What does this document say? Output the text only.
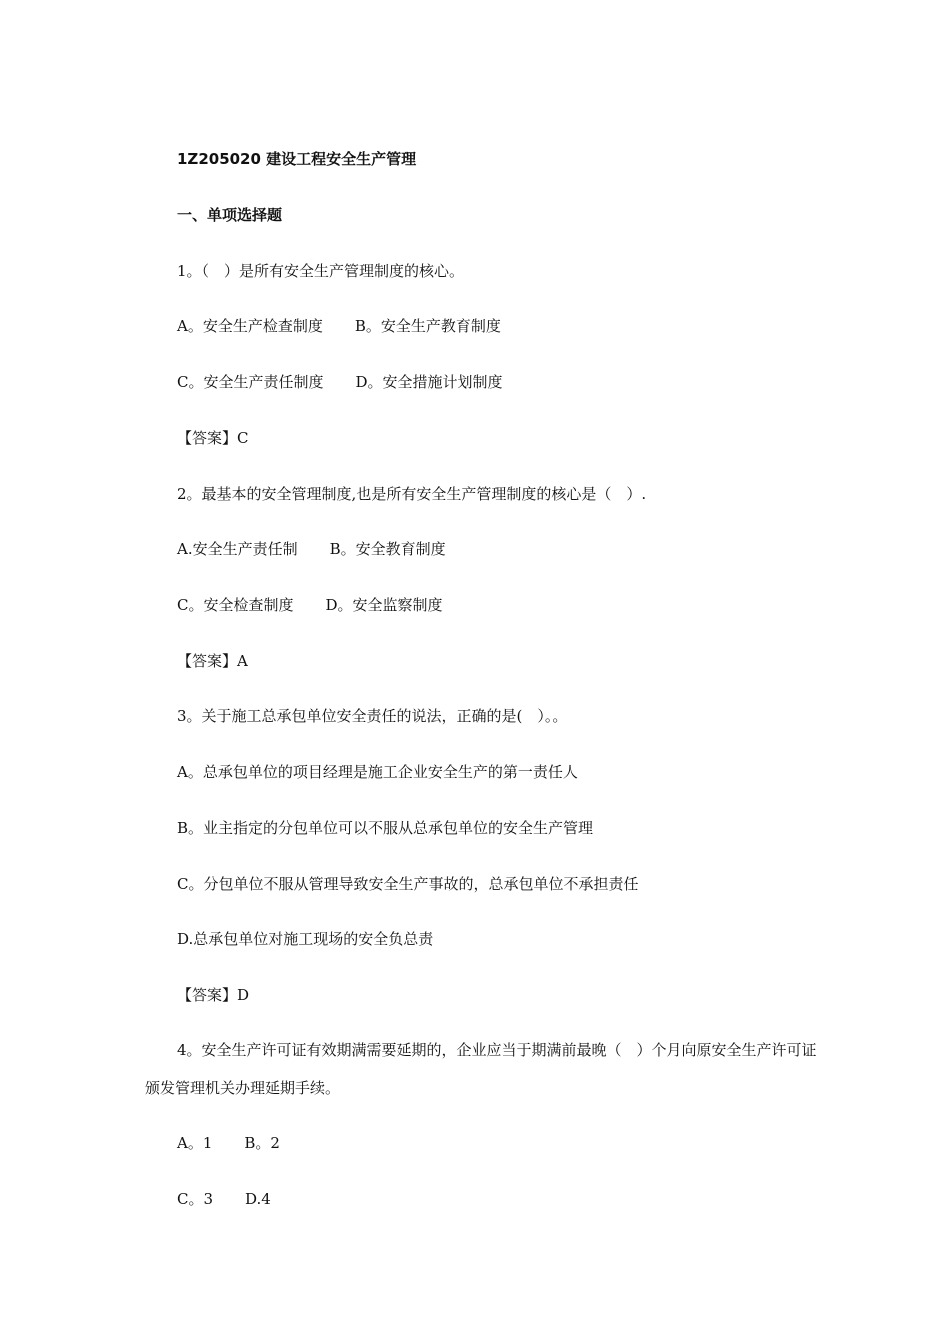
1Z205020 建设工程安全生产管理

一、单项选择题

1。（　）是所有安全生产管理制度的核心。

A。安全生产检查制度 B。安全生产教育制度

C。安全生产责任制度 D。安全措施计划制度

【答案】C

2。最基本的安全管理制度,也是所有安全生产管理制度的核心是（　）.

A.安全生产责任制 B。安全教育制度

C。安全检查制度 D。安全监察制度

【答案】A

3。关于施工总承包单位安全责任的说法，正确的是(　）。。

A。总承包单位的项目经理是施工企业安全生产的第一责任人

B。业主指定的分包单位可以不服从总承包单位的安全生产管理

C。分包单位不服从管理导致安全生产事故的，总承包单位不承担责任

D.总承包单位对施工现场的安全负总责

【答案】D

4。安全生产许可证有效期满需要延期的，企业应当于期满前最晚（　）个月向原安全生产许可证颁发管理机关办理延期手续。

A。1 B。2

C。3 D.4
